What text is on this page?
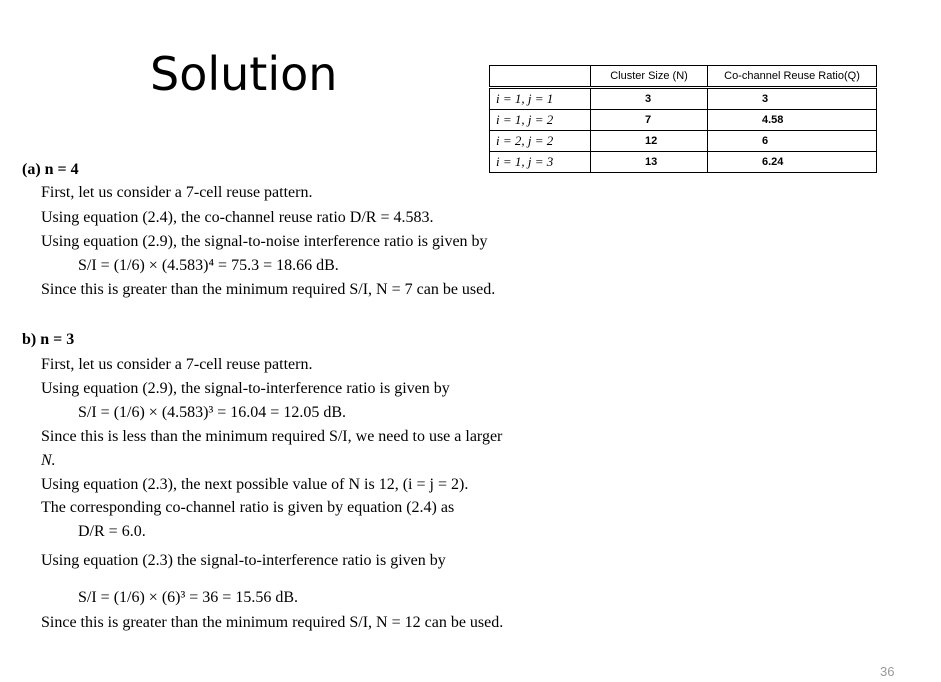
Solution
		Cluster Size (N)	Co-channel Reuse Ratio(Q)
i = 1, j = 1	3	3
i = 1, j = 2	7	4.58
i = 2, j = 2	12	6
i = 1, j = 3	13	6.24
(a) n = 4
First, let us consider a 7-cell reuse pattern.
Using equation (2.4), the co-channel reuse ratio D/R = 4.583.
Using equation (2.9), the signal-to-noise interference ratio is given by
S/I = (1/6) × (4.583)⁴ = 75.3 = 18.66 dB.
Since this is greater than the minimum required S/I, N = 7 can be used.
b) n = 3
First, let us consider a 7-cell reuse pattern.
Using equation (2.9), the signal-to-interference ratio is given by
S/I = (1/6) × (4.583)³ = 16.04 = 12.05 dB.
Since this is less than the minimum required S/I, we need to use a larger
N.
Using equation (2.3), the next possible value of N is 12, (i = j = 2).
The corresponding co-channel ratio is given by equation (2.4) as
D/R = 6.0.
Using equation (2.3) the signal-to-interference ratio is given by
S/I = (1/6) × (6)³ = 36 = 15.56 dB.
Since this is greater than the minimum required S/I, N = 12 can be used.
36
